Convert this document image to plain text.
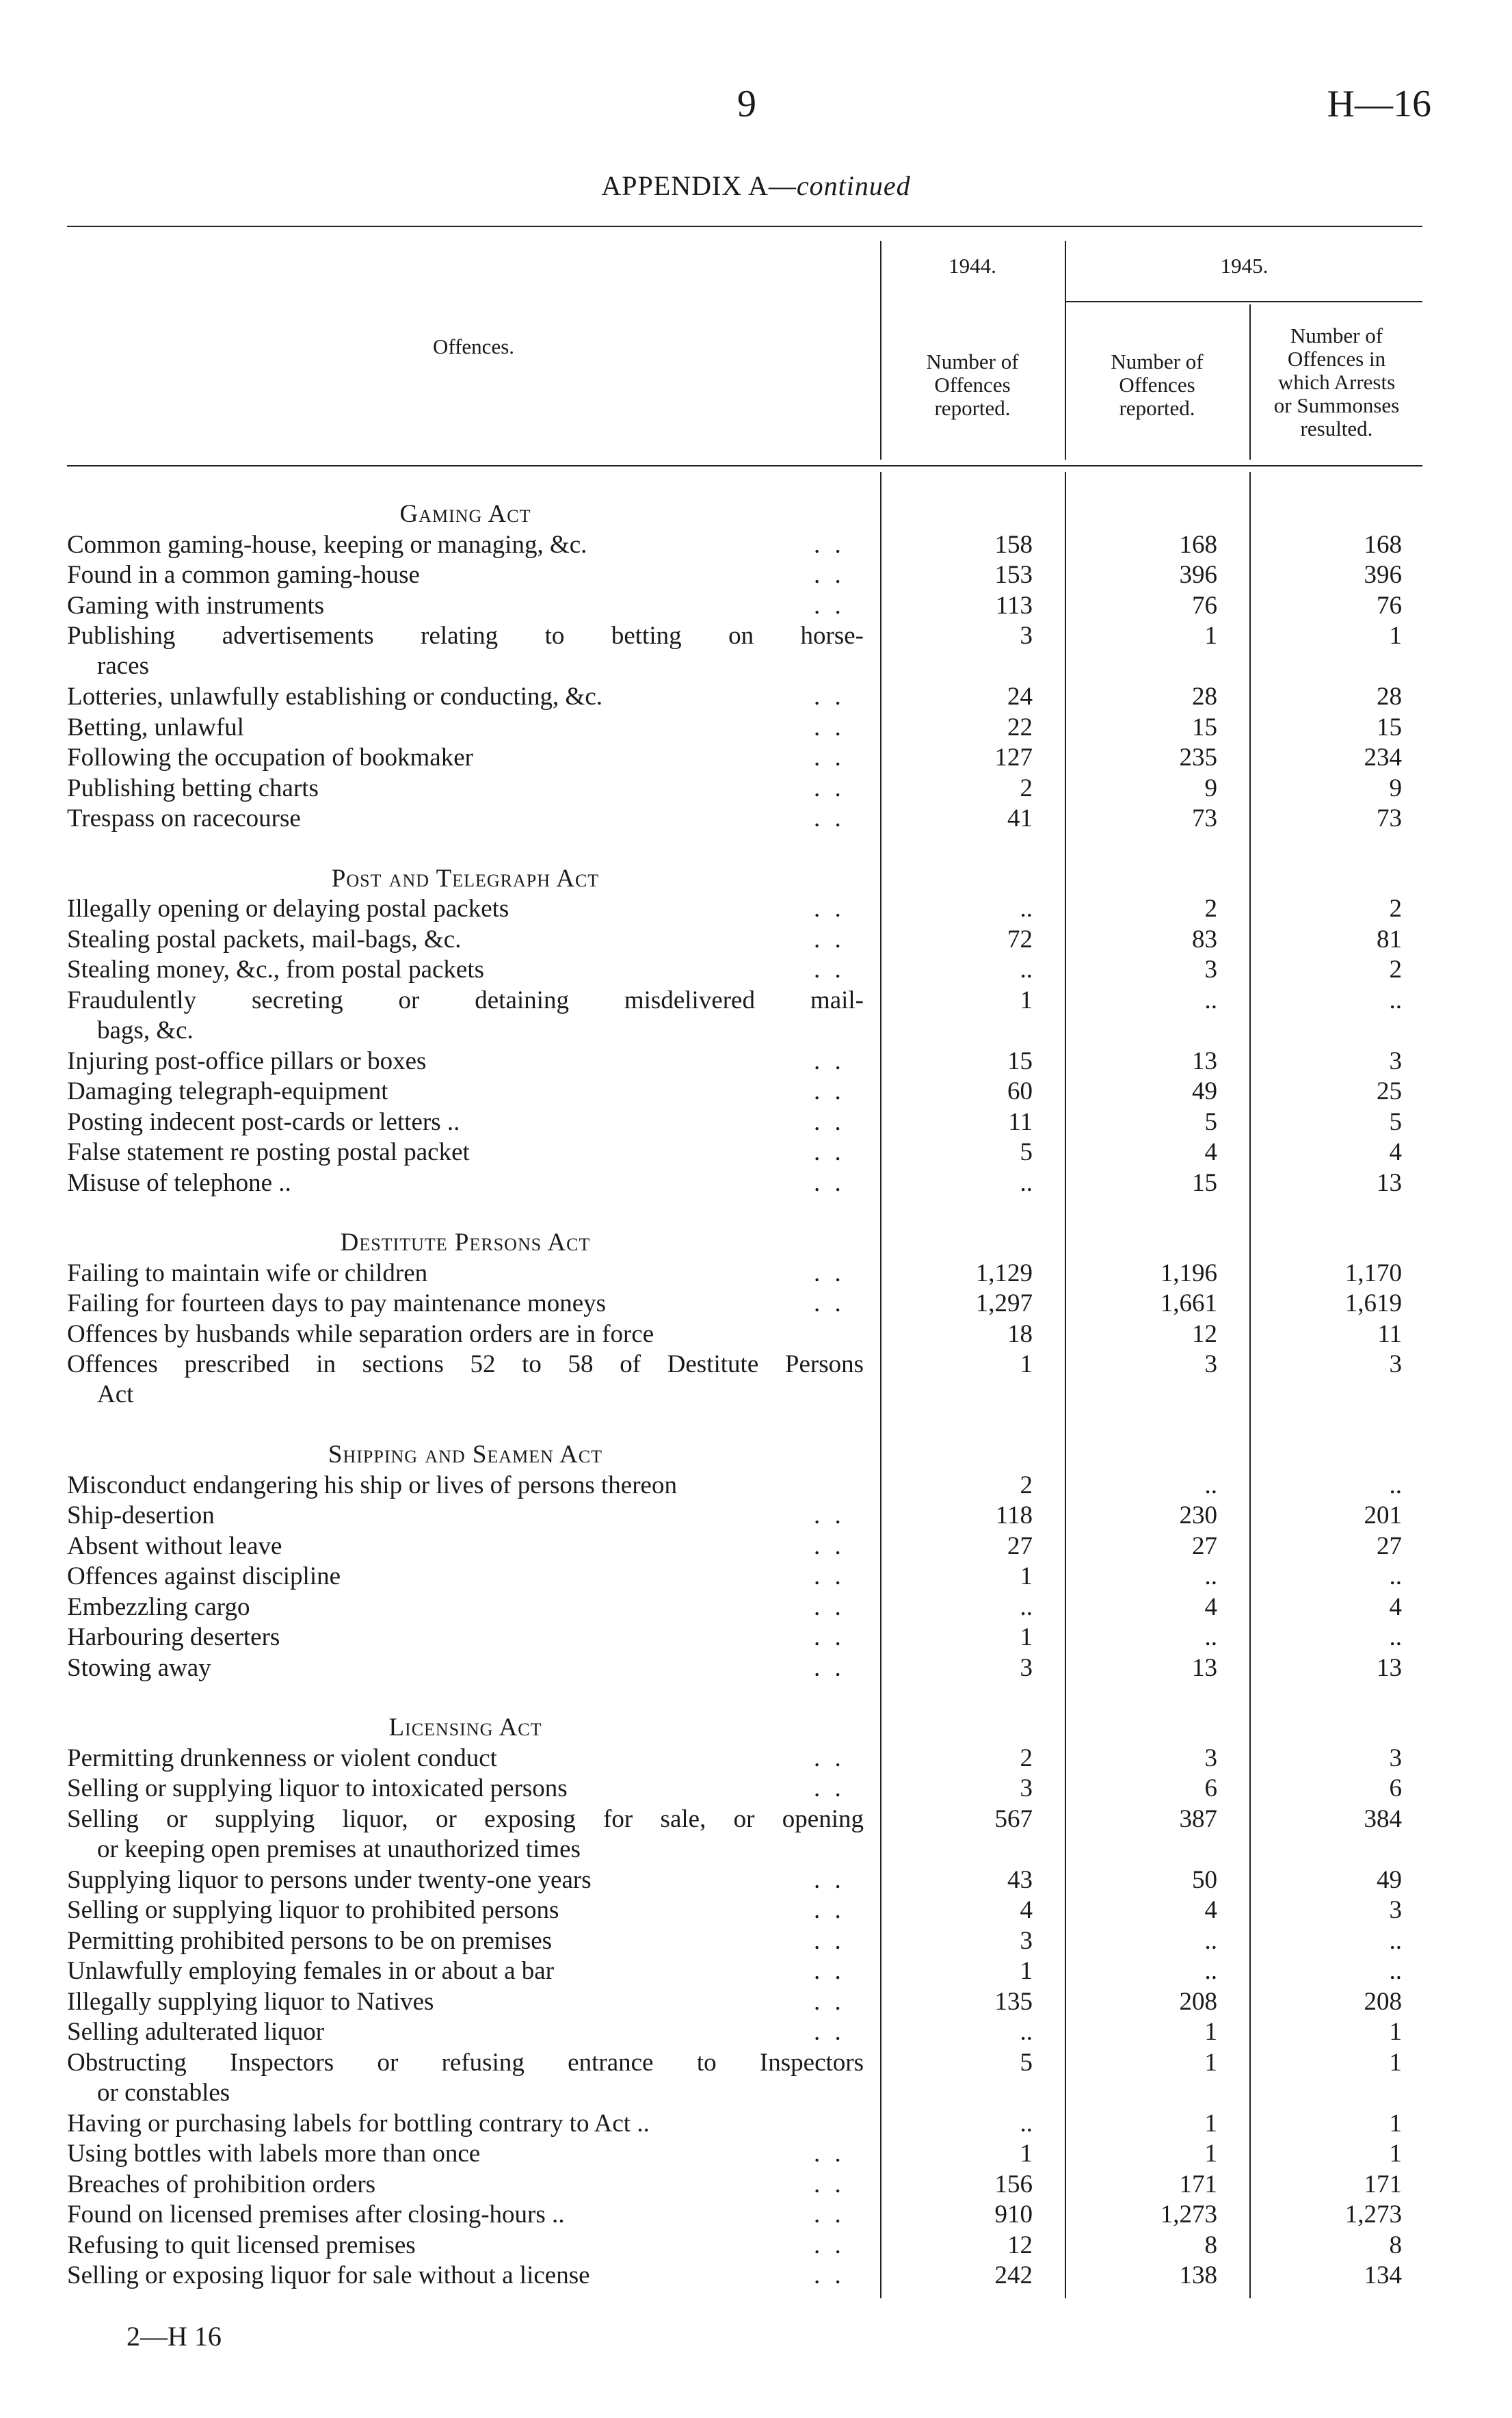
9	H—16
APPENDIX A—continued
Offences.
1944.	1945.
Number of
Offences
reported.
Number of
Offences
reported.
Number of
Offences in
which Arrests
or Summonses
resulted.
Gaming Act
Common gaming-house, keeping or managing, &c.	. .	158	168	168
Found in a common gaming-house	. .	153	396	396
Gaming with instruments	. .	113	76	76
Publishing advertisements relating to betting on horse-
races
3	1	1
Lotteries, unlawfully establishing or conducting, &c.	. .	24	28	28
Betting, unlawful	. .	22	15	15
Following the occupation of bookmaker	. .	127	235	234
Publishing betting charts	. .	2	9	9
Trespass on racecourse	. .	41	73	73
Post and Telegraph Act
Illegally opening or delaying postal packets	. .	..	2	2
Stealing postal packets, mail-bags, &c.	. .	72	83	81
Stealing money, &c., from postal packets	. .	..	3	2
Fraudulently secreting or detaining misdelivered mail-
bags, &c.
1	..	..
Injuring post-office pillars or boxes	. .	15	13	3
Damaging telegraph-equipment	. .	60	49	25
Posting indecent post-cards or letters ..	. .	11	5	5
False statement re posting postal packet	. .	5	4	4
Misuse of telephone ..	. .	..	15	13
Destitute Persons Act
Failing to maintain wife or children	. .	1,129	1,196	1,170
Failing for fourteen days to pay maintenance moneys	. .	1,297	1,661	1,619
Offences by husbands while separation orders are in force	18	12	11
Offences prescribed in sections 52 to 58 of Destitute Persons
Act
1	3	3
Shipping and Seamen Act
Misconduct endangering his ship or lives of persons thereon	2	..	..
Ship-desertion	. .	118	230	201
Absent without leave	. .	27	27	27
Offences against discipline	. .	1	..	..
Embezzling cargo	. .	..	4	4
Harbouring deserters	. .	1	..	..
Stowing away	. .	3	13	13
Licensing Act
Permitting drunkenness or violent conduct	. .	2	3	3
Selling or supplying liquor to intoxicated persons	. .	3	6	6
Selling or supplying liquor, or exposing for sale, or opening
or keeping open premises at unauthorized times
567	387	384
Supplying liquor to persons under twenty-one years	. .	43	50	49
Selling or supplying liquor to prohibited persons	. .	4	4	3
Permitting prohibited persons to be on premises	. .	3	..	..
Unlawfully employing females in or about a bar	. .	1	..	..
Illegally supplying liquor to Natives	. .	135	208	208
Selling adulterated liquor	. .	..	1	1
Obstructing Inspectors or refusing entrance to Inspectors
or constables
5	1	1
Having or purchasing labels for bottling contrary to Act ..	..	1	1
Using bottles with labels more than once	. .	1	1	1
Breaches of prohibition orders	. .	156	171	171
Found on licensed premises after closing-hours ..	. .	910	1,273	1,273
Refusing to quit licensed premises	. .	12	8	8
Selling or exposing liquor for sale without a license	. .	242	138	134
2—H 16
